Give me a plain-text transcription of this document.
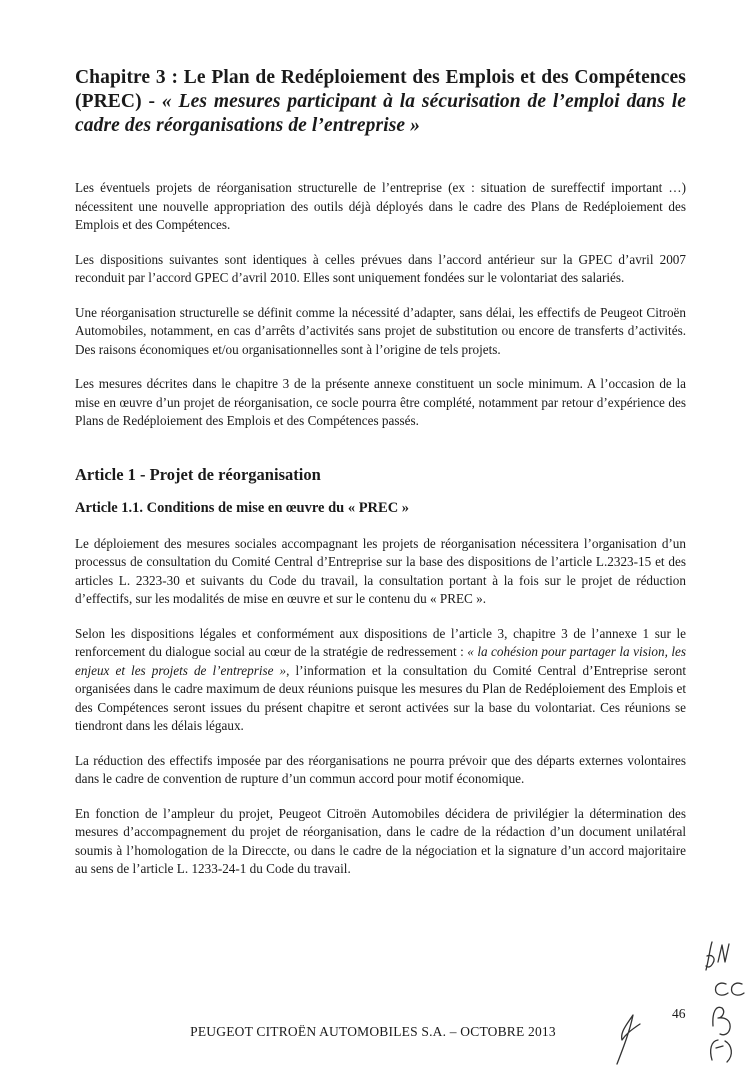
Chapitre 3 : Le Plan de Redéploiement des Emplois et des Compétences (PREC) - « Les mesures participant à la sécurisation de l’emploi dans le cadre des réorganisations de l’entreprise »

Les éventuels projets de réorganisation structurelle de l’entreprise (ex : situation de sureffectif important …) nécessitent une nouvelle appropriation des outils déjà déployés dans le cadre des Plans de Redéploiement des Emplois et des Compétences.

Les dispositions suivantes sont identiques à celles prévues dans l’accord antérieur sur la GPEC d’avril 2007 reconduit par l’accord GPEC d’avril 2010. Elles sont uniquement fondées sur le volontariat des salariés.

Une réorganisation structurelle se définit comme la nécessité d’adapter, sans délai, les effectifs de Peugeot Citroën Automobiles, notamment, en cas d’arrêts d’activités sans projet de substitution ou encore de transferts d’activités. Des raisons économiques et/ou organisationnelles sont à l’origine de tels projets.

Les mesures décrites dans le chapitre 3 de la présente annexe constituent un socle minimum. A l’occasion de la mise en œuvre d’un projet de réorganisation, ce socle pourra être complété, notamment par retour d’expérience des Plans de Redéploiement des Emplois et des Compétences passés.

Article 1 - Projet de réorganisation
Article 1.1. Conditions de mise en œuvre du « PREC »

Le déploiement des mesures sociales accompagnant les projets de réorganisation nécessitera l’organisation d’un processus de consultation du Comité Central d’Entreprise sur la base des dispositions de l’article L.2323-15 et des articles L. 2323-30 et suivants du Code du travail, la consultation portant à la fois sur le projet de réduction d’effectifs, sur les modalités de mise en œuvre et sur le contenu du « PREC ».

Selon les dispositions légales et conformément aux dispositions de l’article 3, chapitre 3 de l’annexe 1 sur le renforcement du dialogue social au cœur de la stratégie de redressement : « la cohésion pour partager la vision, les enjeux et les projets de l’entreprise », l’information et la consultation du Comité Central d’Entreprise seront organisées dans le cadre maximum de deux réunions puisque les mesures du Plan de Redéploiement des Emplois et des Compétences seront issues du présent chapitre et seront activées sur la base du volontariat. Ces réunions se tiendront dans les délais légaux.

La réduction des effectifs imposée par des réorganisations ne pourra prévoir que des départs externes volontaires dans le cadre de convention de rupture d’un commun accord pour motif économique.

En fonction de l’ampleur du projet, Peugeot Citroën Automobiles décidera de privilégier la détermination des mesures d’accompagnement du projet de réorganisation, dans le cadre de la rédaction d’un document unilatéral soumis à l’homologation de la Direccte, ou dans le cadre de la négociation et la signature d’un accord majoritaire au sens de l’article L. 1233-24-1 du Code du travail.

46
PEUGEOT CITROËN AUTOMOBILES S.A. – OCTOBRE 2013
